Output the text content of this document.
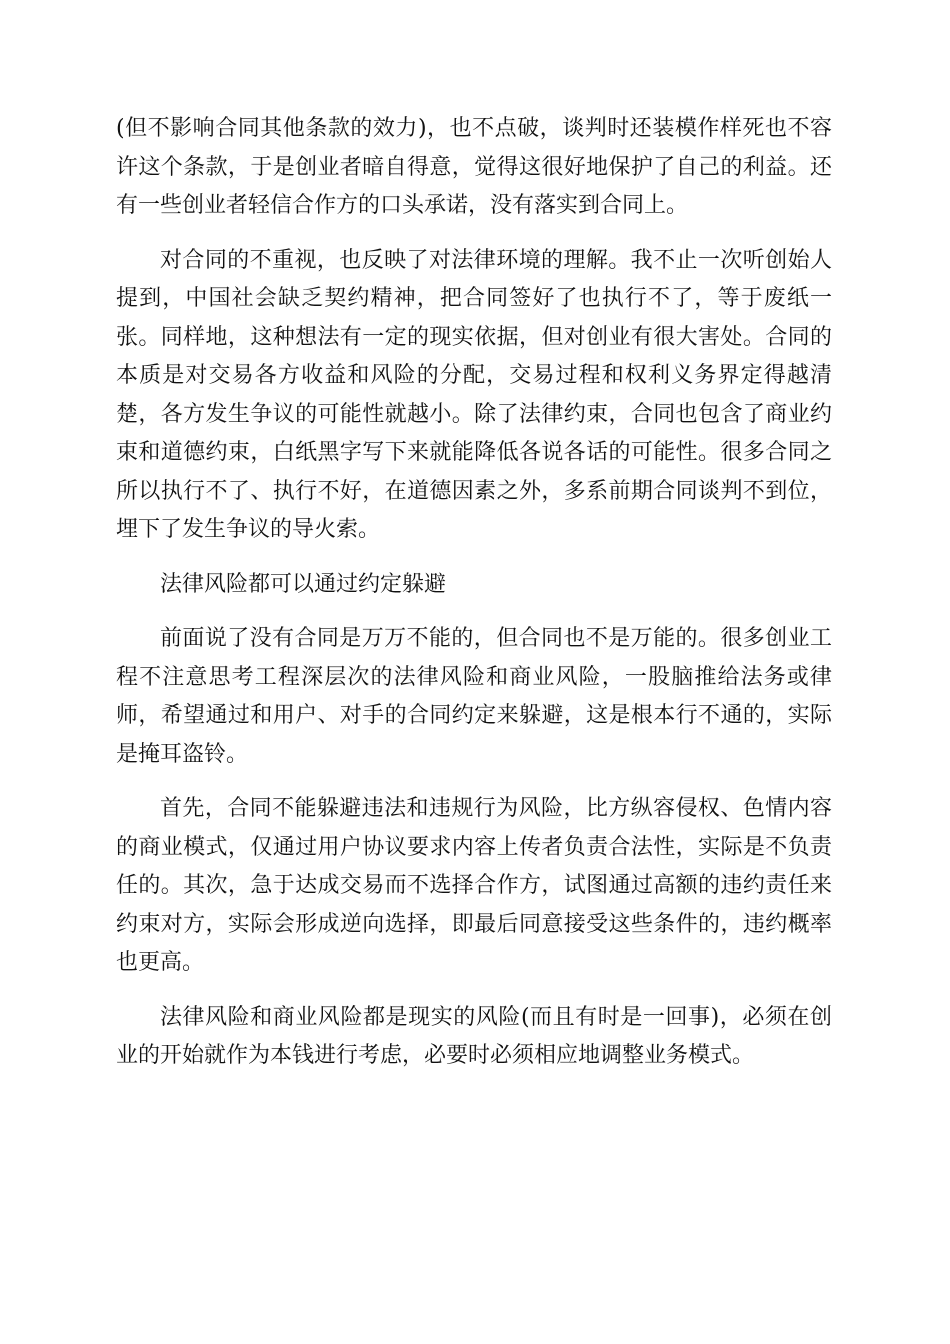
(但不影响合同其他条款的效力)，也不点破，谈判时还装模作样死也不容许这个条款，于是创业者暗自得意，觉得这很好地保护了自己的利益。还有一些创业者轻信合作方的口头承诺，没有落实到合同上。

对合同的不重视，也反映了对法律环境的理解。我不止一次听创始人提到，中国社会缺乏契约精神，把合同签好了也执行不了，等于废纸一张。同样地，这种想法有一定的现实依据，但对创业有很大害处。合同的本质是对交易各方收益和风险的分配，交易过程和权利义务界定得越清楚，各方发生争议的可能性就越小。除了法律约束，合同也包含了商业约束和道德约束，白纸黑字写下来就能降低各说各话的可能性。很多合同之所以执行不了、执行不好，在道德因素之外，多系前期合同谈判不到位，埋下了发生争议的导火索。

法律风险都可以通过约定躲避

前面说了没有合同是万万不能的，但合同也不是万能的。很多创业工程不注意思考工程深层次的法律风险和商业风险，一股脑推给法务或律师，希望通过和用户、对手的合同约定来躲避，这是根本行不通的，实际是掩耳盗铃。

首先，合同不能躲避违法和违规行为风险，比方纵容侵权、色情内容的商业模式，仅通过用户协议要求内容上传者负责合法性，实际是不负责任的。其次，急于达成交易而不选择合作方，试图通过高额的违约责任来约束对方，实际会形成逆向选择，即最后同意接受这些条件的，违约概率也更高。

法律风险和商业风险都是现实的风险(而且有时是一回事)，必须在创业的开始就作为本钱进行考虑，必要时必须相应地调整业务模式。
